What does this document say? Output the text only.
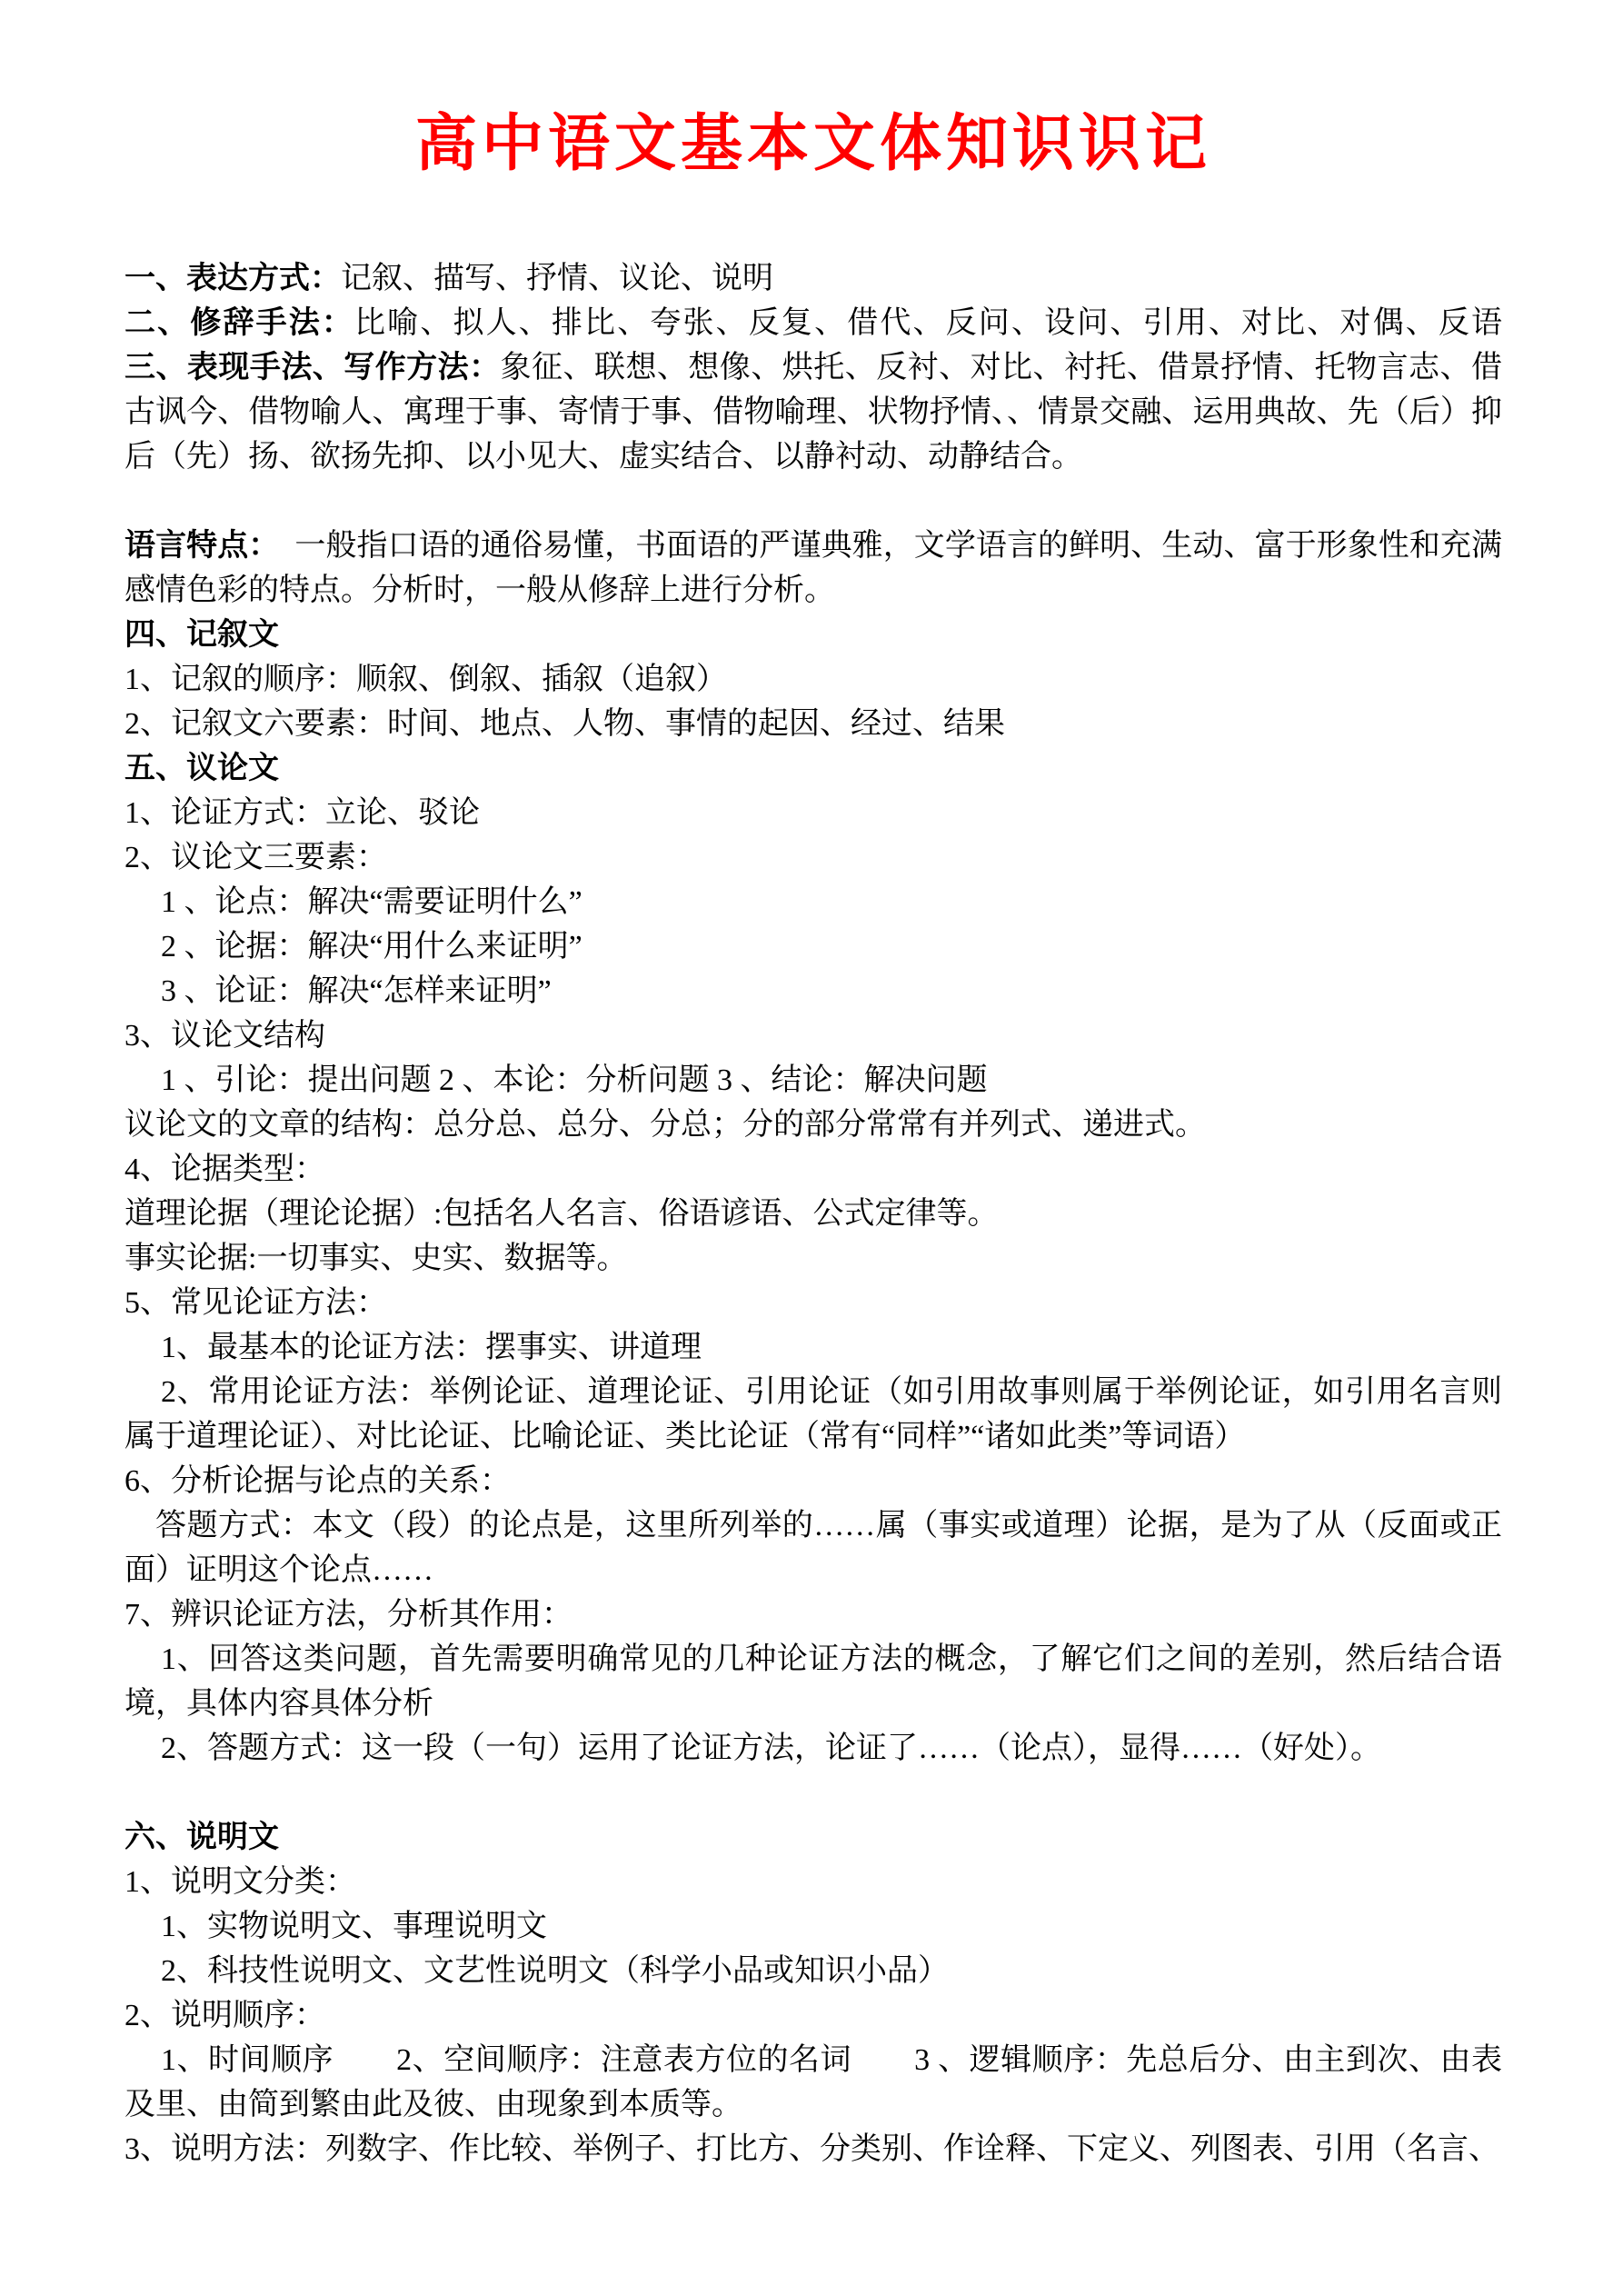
高中语文基本文体知识识记

一、表达方式：记叙、描写、抒情、议论、说明

二、修辞手法：比喻、拟人、排比、夸张、反复、借代、反问、设问、引用、对比、对偶、反语

三、表现手法、写作方法：象征、联想、想像、烘托、反衬、对比、衬托、借景抒情、托物言志、借古讽今、借物喻人、寓理于事、寄情于事、借物喻理、状物抒情、、情景交融、运用典故、先（后）抑后（先）扬、欲扬先抑、以小见大、虚实结合、以静衬动、动静结合。

语言特点：　一般指口语的通俗易懂，书面语的严谨典雅，文学语言的鲜明、生动、富于形象性和充满感情色彩的特点。分析时，一般从修辞上进行分析。

四、记叙文

1、记叙的顺序：顺叙、倒叙、插叙（追叙）

2、记叙文六要素：时间、地点、人物、事情的起因、经过、结果

五、议论文

1、论证方式：立论、驳论

2、议论文三要素：

1 、论点：解决“需要证明什么”

2 、论据：解决“用什么来证明”

3 、论证：解决“怎样来证明”

3、议论文结构

1 、引论：提出问题 2 、本论：分析问题 3 、结论：解决问题

议论文的文章的结构：总分总、总分、分总；分的部分常常有并列式、递进式。

4、论据类型：

道理论据（理论论据）:包括名人名言、俗语谚语、公式定律等。

事实论据:一切事实、史实、数据等。

5、常见论证方法：

1、最基本的论证方法：摆事实、讲道理

2、常用论证方法：举例论证、道理论证、引用论证（如引用故事则属于举例论证，如引用名言则属于道理论证）、对比论证、比喻论证、类比论证（常有“同样”“诸如此类”等词语）

6、分析论据与论点的关系：

答题方式：本文（段）的论点是，这里所列举的……属（事实或道理）论据，是为了从（反面或正面）证明这个论点……

7、辨识论证方法，分析其作用：

1、回答这类问题，首先需要明确常见的几种论证方法的概念，了解它们之间的差别，然后结合语境，具体内容具体分析

2、答题方式：这一段（一句）运用了论证方法，论证了……（论点），显得……（好处）。

六、说明文

1、说明文分类：

1、实物说明文、事理说明文

2、科技性说明文、文艺性说明文（科学小品或知识小品）

2、说明顺序：

1、时间顺序　　2、空间顺序：注意表方位的名词　　3 、逻辑顺序：先总后分、由主到次、由表及里、由简到繁由此及彼、由现象到本质等。

3、说明方法：列数字、作比较、举例子、打比方、分类别、作诠释、下定义、列图表、引用（名言、
